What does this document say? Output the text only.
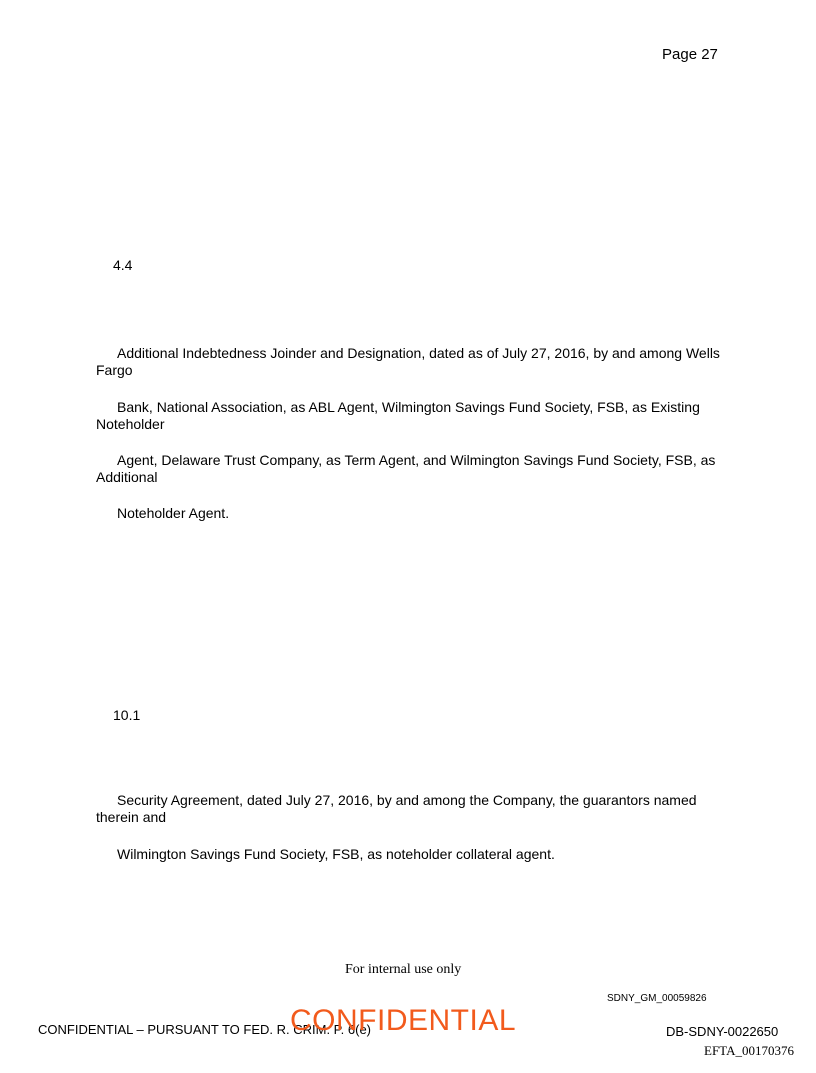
Page 27
4.4
Additional Indebtedness Joinder and Designation, dated as of July 27, 2016, by and among Wells Fargo
Bank, National Association, as ABL Agent, Wilmington Savings Fund Society, FSB, as Existing Noteholder
Agent, Delaware Trust Company, as Term Agent, and Wilmington Savings Fund Society, FSB, as Additional
Noteholder Agent.
10.1
Security Agreement, dated July 27, 2016, by and among the Company, the guarantors named therein and
Wilmington Savings Fund Society, FSB, as noteholder collateral agent.
For internal use only
SDNY_GM_00059826
CONFIDENTIAL – PURSUANT TO FED. R. CRIM. P. 6(e)
CONFIDENTIAL	DB-SDNY-0022650
EFTA_00170376
